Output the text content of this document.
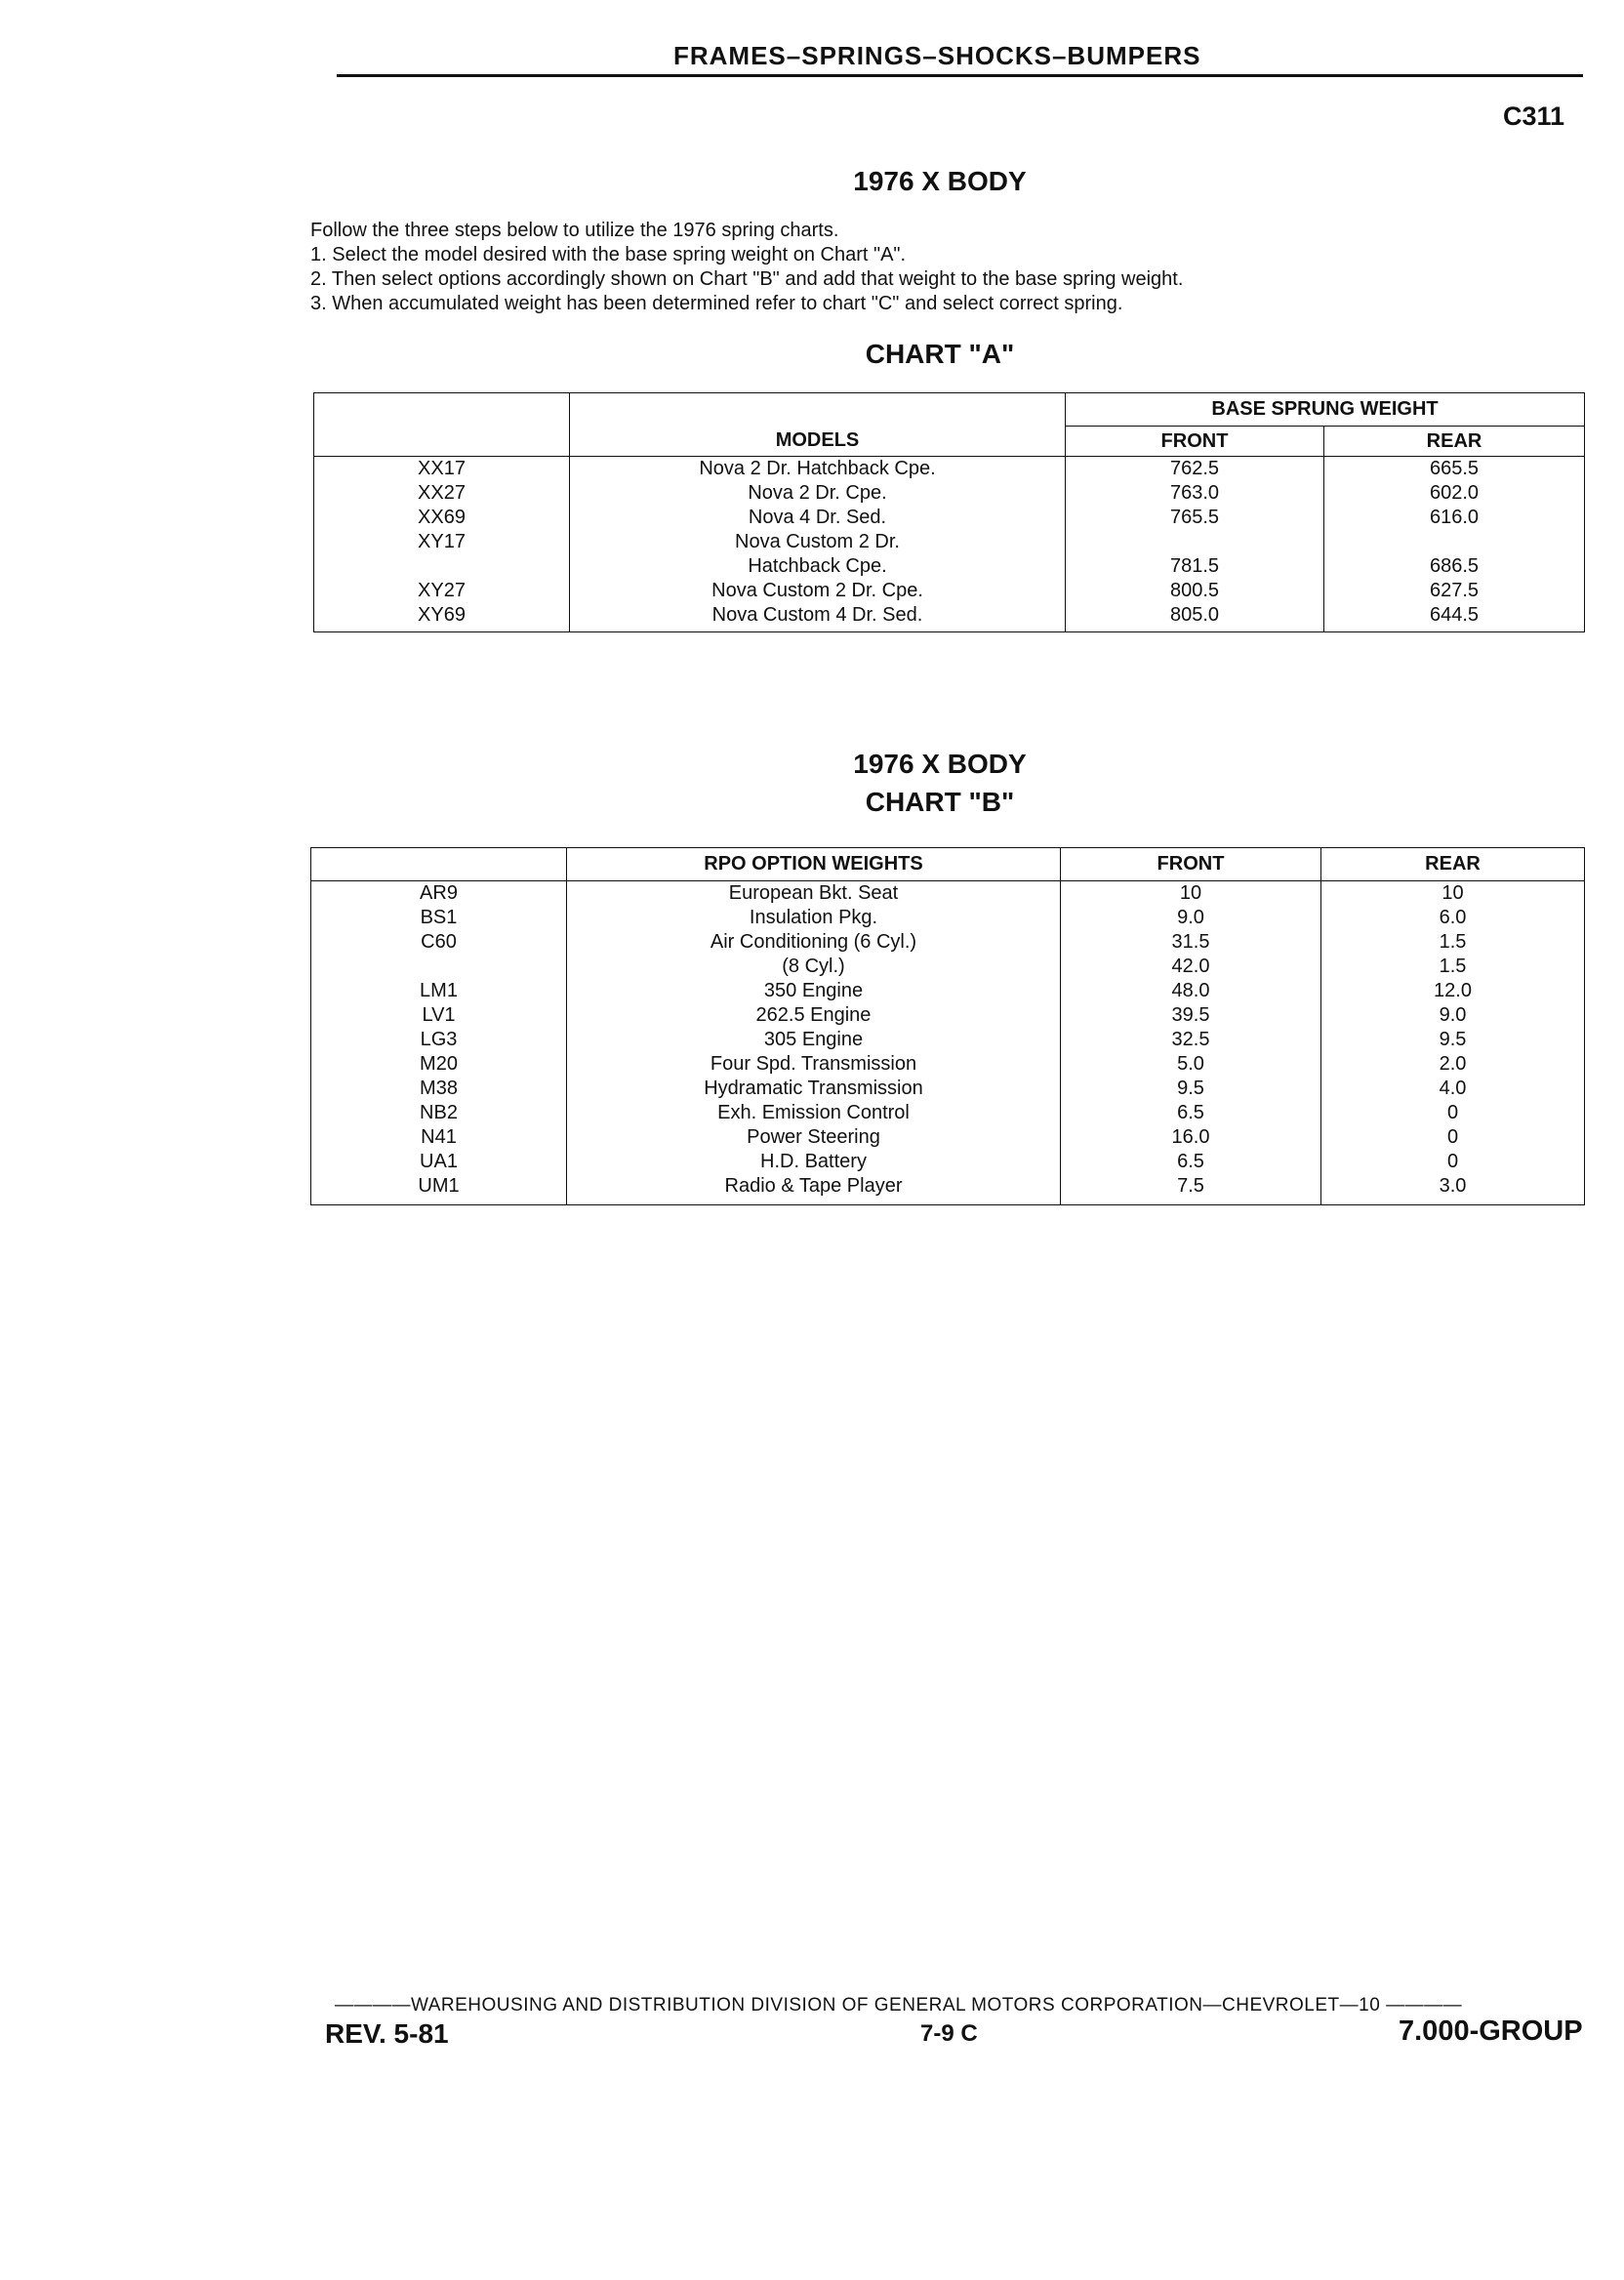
FRAMES–SPRINGS–SHOCKS–BUMPERS
C311
1976 X BODY
Follow the three steps below to utilize the 1976 spring charts.
1. Select the model desired with the base spring weight on Chart "A".
2. Then select options accordingly shown on Chart "B" and add that weight to the base spring weight.
3. When accumulated weight has been determined refer to chart "C" and select correct spring.
CHART "A"
		BASE SPRUNG WEIGHT	
	MODELS	FRONT	REAR
XX17	Nova 2 Dr. Hatchback Cpe.	762.5	665.5
XX27	Nova 2 Dr. Cpe.	763.0	602.0
XX69	Nova 4 Dr. Sed.	765.5	616.0
XY17	Nova Custom 2 Dr.		
	Hatchback Cpe.	781.5	686.5
XY27	Nova Custom 2 Dr. Cpe.	800.5	627.5
XY69	Nova Custom 4 Dr. Sed.	805.0	644.5

1976 X BODY
CHART "B"
	RPO OPTION WEIGHTS	FRONT	REAR
AR9	European Bkt. Seat	10	10
BS1	Insulation Pkg.	9.0	6.0
C60	Air Conditioning (6 Cyl.)	31.5	1.5
	(8 Cyl.)	42.0	1.5
LM1	350 Engine	48.0	12.0
LV1	262.5 Engine	39.5	9.0
LG3	305 Engine	32.5	9.5
M20	Four Spd. Transmission	5.0	2.0
M38	Hydramatic Transmission	9.5	4.0
NB2	Exh. Emission Control	6.5	0
N41	Power Steering	16.0	0
UA1	H.D. Battery	6.5	0
UM1	Radio & Tape Player	7.5	3.0

————WAREHOUSING AND DISTRIBUTION DIVISION OF GENERAL MOTORS CORPORATION—CHEVROLET—10 ————
REV. 5-81	7-9 C	7.000-GROUP
